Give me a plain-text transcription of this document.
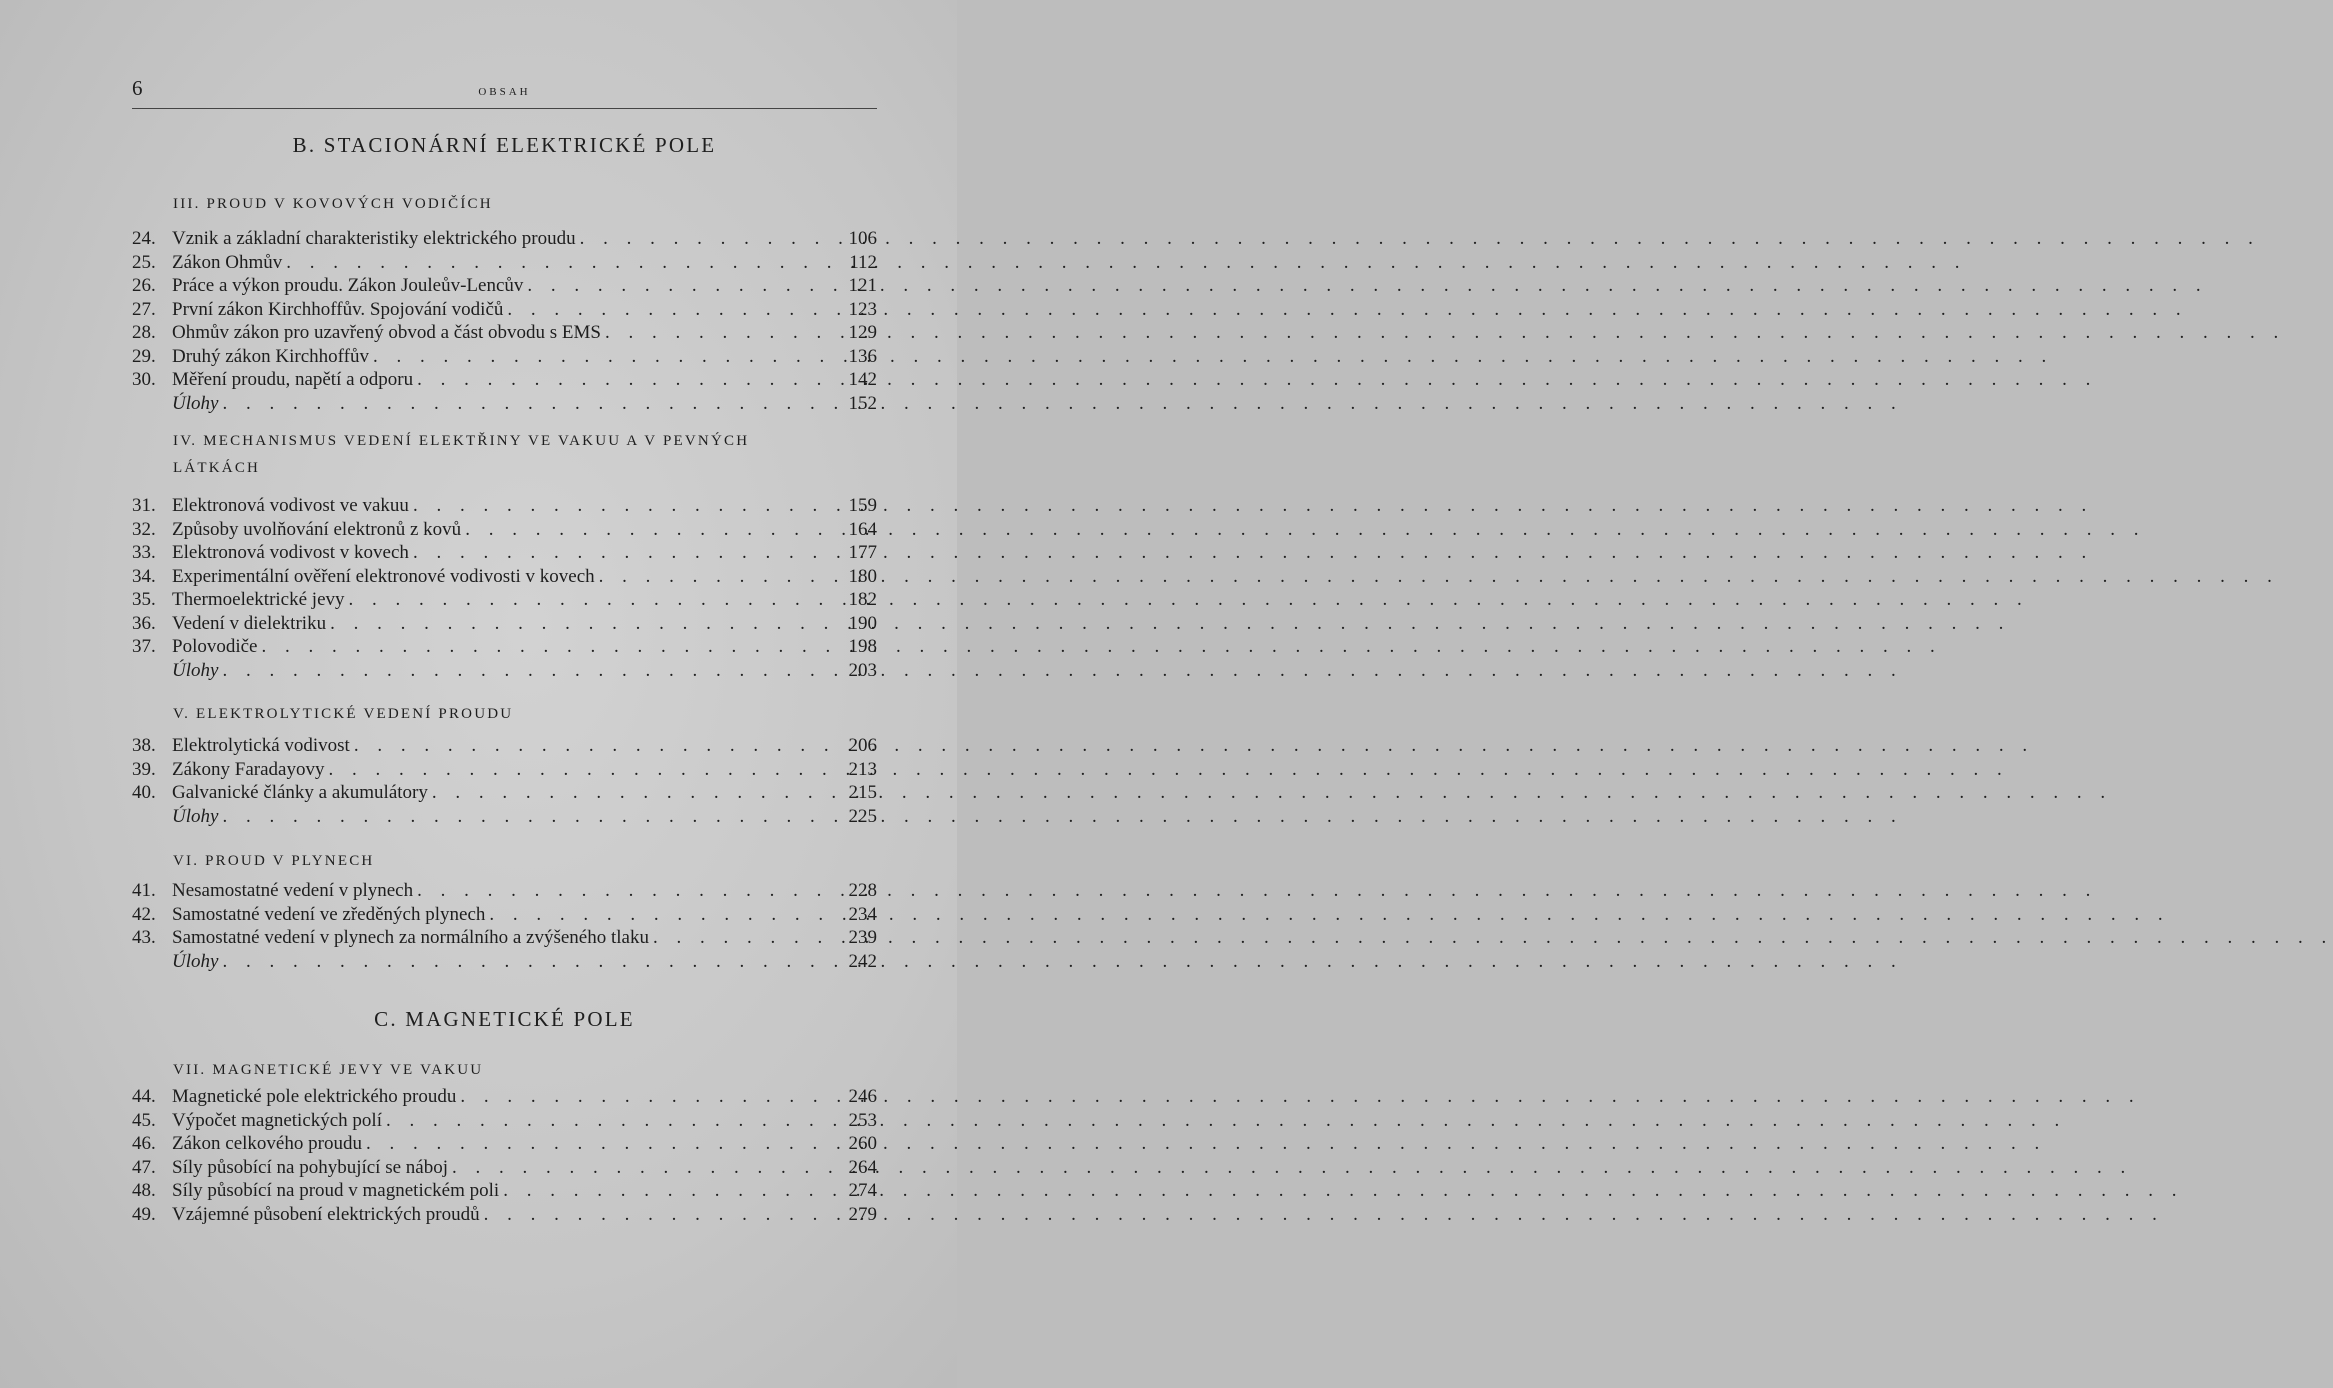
6	OBSAH
B. STACIONÁRNÍ ELEKTRICKÉ POLE
III. PROUD V KOVOVÝCH VODIČÍCH
24. Vznik a základní charakteristiky elektrického proudu . . .	106
25. Zákon Ohmův . . .	112
26. Práce a výkon proudu. Zákon Jouleův-Lencův . . .	121
27. První zákon Kirchhoffův. Spojování vodičů . . .	123
28. Ohmův zákon pro uzavřený obvod a část obvodu s EMS . . .	129
29. Druhý zákon Kirchhoffův . . .	136
30. Měření proudu, napětí a odporu . . .	142
Úlohy . . .	152
IV. MECHANISMUS VEDENÍ ELEKTŘINY VE VAKUU A V PEVNÝCH
LÁTKÁCH
31. Elektronová vodivost ve vakuu . . .	159
32. Způsoby uvolňování elektronů z kovů . . .	164
33. Elektronová vodivost v kovech . . .	177
34. Experimentální ověření elektronové vodivosti v kovech . . .	180
35. Thermoelektrické jevy . . .	182
36. Vedení v dielektriku . . .	190
37. Polovodiče . . .	198
Úlohy . . .	203
V. ELEKTROLYTICKÉ VEDENÍ PROUDU
38. Elektrolytická vodivost . . .	206
39. Zákony Faradayovy . . .	213
40. Galvanické články a akumulátory . . .	215
Úlohy . . .	225
VI. PROUD V PLYNECH
41. Nesamostatné vedení v plynech . . .	228
42. Samostatné vedení ve zředěných plynech . . .	234
43. Samostatné vedení v plynech za normálního a zvýšeného tlaku . . .	239
Úlohy . . .	242
C. MAGNETICKÉ POLE
VII. MAGNETICKÉ JEVY VE VAKUU
44. Magnetické pole elektrického proudu . . .	246
45. Výpočet magnetických polí . . .	253
46. Zákon celkového proudu . . .	260
47. Síly působící na pohybující se náboj . . .	264
48. Síly působící na proud v magnetickém poli . . .	274
49. Vzájemné působení elektrických proudů . . .	279
